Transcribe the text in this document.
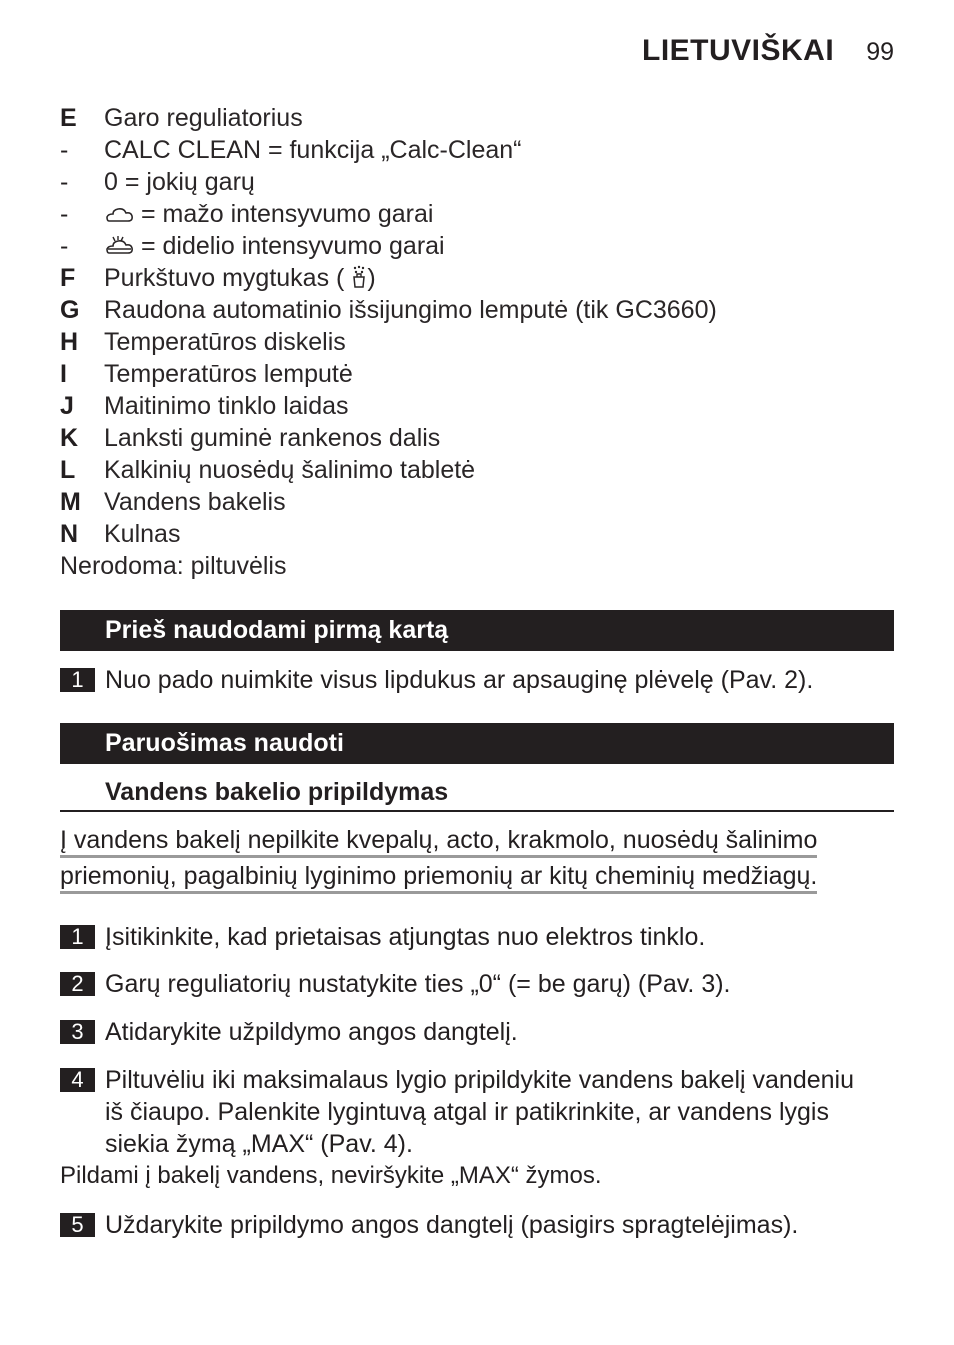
LIETUVIŠKAI 99
E	Garo reguliatorius
-	CALC CLEAN = funkcija „Calc-Clean“
-	0 = jokių garų
-	= mažo intensyvumo garai
-	= didelio intensyvumo garai
F	Purkštuvo mygtukas ( )
G Raudona automatinio išsijungimo lemputė (tik GC3660)
H	Temperatūros diskelis
I	Temperatūros lemputė
J	Maitinimo tinklo laidas
K	Lanksti guminė rankenos dalis
L	Kalkinių nuosėdų šalinimo tabletė
M Vandens bakelis
N	Kulnas
Nerodoma: piltuvėlis
Prieš naudodami pirmą kartą
1 Nuo pado nuimkite visus lipdukus ar apsauginę plėvelę (Pav. 2).
Paruošimas naudoti
Vandens bakelio pripildymas
Į vandens bakelį nepilkite kvepalų, acto, krakmolo, nuosėdų šalinimo
priemonių, pagalbinių lyginimo priemonių ar kitų cheminių medžiagų.
1 Įsitikinkite, kad prietaisas atjungtas nuo elektros tinklo.
2 Garų reguliatorių nustatykite ties „0“ (= be garų) (Pav. 3).
3 Atidarykite užpildymo angos dangtelį.
4 Piltuvėliu iki maksimalaus lygio pripildykite vandens bakelį vandeniu
iš čiaupo. Palenkite lygintuvą atgal ir patikrinkite, ar vandens lygis
siekia žymą „MAX“ (Pav. 4).
Pildami į bakelį vandens, neviršykite „MAX“ žymos.
5 Uždarykite pripildymo angos dangtelį (pasigirs spragtelėjimas).
